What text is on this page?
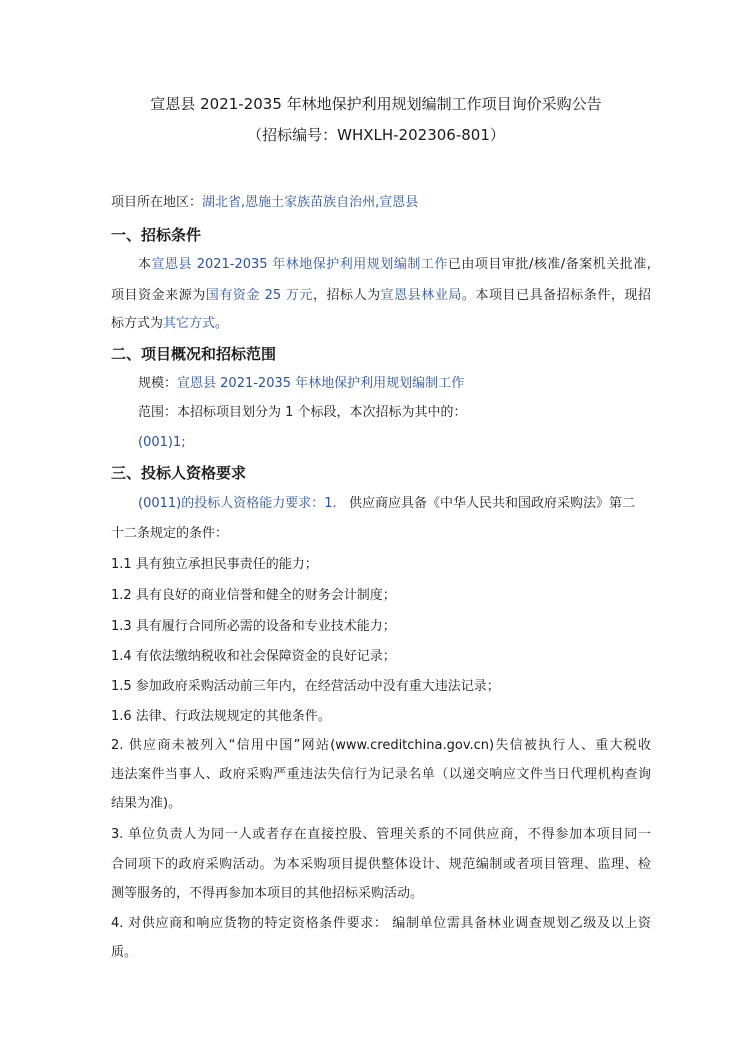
宣恩县 2021-2035 年林地保护利用规划编制工作项目询价采购公告
（招标编号：WHXLH-202306-801）
项目所在地区：湖北省,恩施土家族苗族自治州,宣恩县
一、招标条件
本宣恩县 2021-2035 年林地保护利用规划编制工作已由项目审批/核准/备案机关批准,
项目资金来源为国有资金 25 万元，招标人为宣恩县林业局。本项目已具备招标条件，现招
标方式为其它方式。
二、项目概况和招标范围
规模：宣恩县 2021-2035 年林地保护利用规划编制工作
范围：本招标项目划分为 1 个标段，本次招标为其中的：
(001)1;
三、投标人资格要求
(0011)的投标人资格能力要求：1.   供应商应具备《中华人民共和国政府采购法》第二
十二条规定的条件：
1.1 具有独立承担民事责任的能力；
1.2 具有良好的商业信誉和健全的财务会计制度；
1.3 具有履行合同所必需的设备和专业技术能力；
1.4 有依法缴纳税收和社会保障资金的良好记录；
1.5 参加政府采购活动前三年内，在经营活动中没有重大违法记录；
1.6 法律、行政法规规定的其他条件。
2. 供应商未被列入“信用中国”网站(www.creditchina.gov.cn)失信被执行人、重大税收
违法案件当事人、政府采购严重违法失信行为记录名单（以递交响应文件当日代理机构查询
结果为准)。
3. 单位负责人为同一人或者存在直接控股、管理关系的不同供应商，不得参加本项目同一
合同项下的政府采购活动。为本采购项目提供整体设计、规范编制或者项目管理、监理、检
测等服务的，不得再参加本项目的其他招标采购活动。
4. 对供应商和响应货物的特定资格条件要求： 编制单位需具备林业调查规划乙级及以上资
质。
